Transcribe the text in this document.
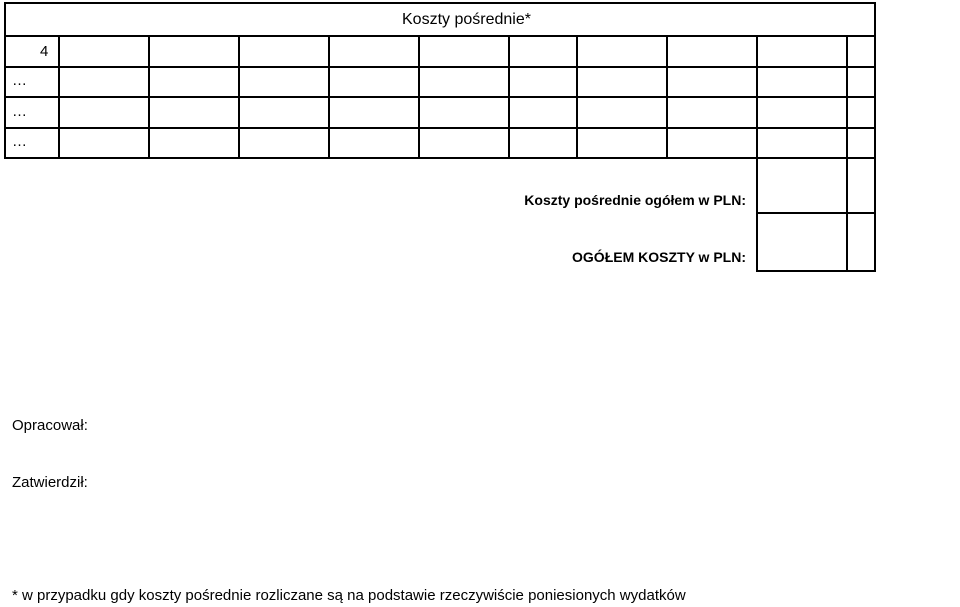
Koszty pośrednie*
4
…
…
…
Koszty pośrednie ogółem w PLN:
OGÓŁEM KOSZTY w PLN:
Opracował:
Zatwierdził:
* w przypadku gdy koszty pośrednie rozliczane są na podstawie rzeczywiście poniesionych wydatków
